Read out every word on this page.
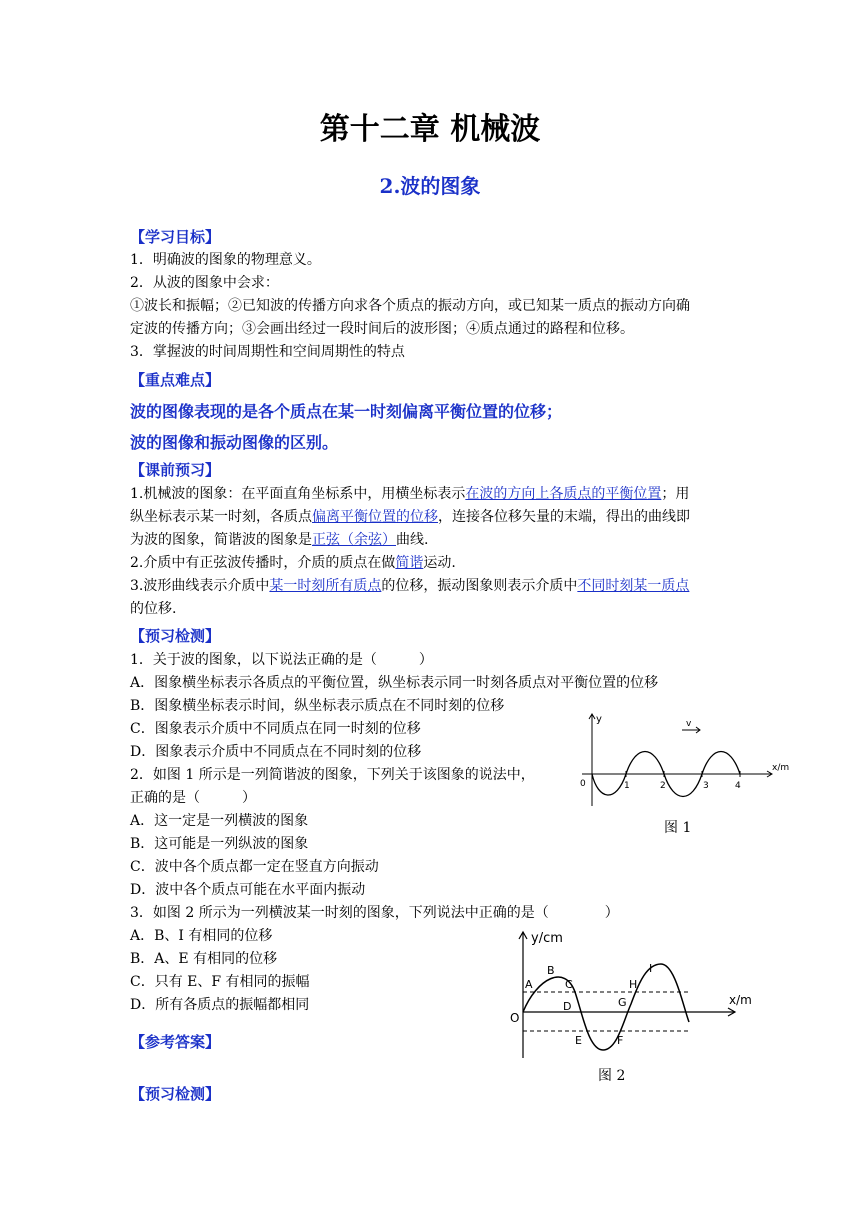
第十二章 机械波
2.波的图象
【学习目标】
1．明确波的图象的物理意义。
2．从波的图象中会求：
①波长和振幅；②已知波的传播方向求各个质点的振动方向，或已知某一质点的振动方向确
定波的传播方向；③会画出经过一段时间后的波形图；④质点通过的路程和位移。
3．掌握波的时间周期性和空间周期性的特点
【重点难点】
波的图像表现的是各个质点在某一时刻偏离平衡位置的位移；
波的图像和振动图像的区别。
【课前预习】
1.机械波的图象：在平面直角坐标系中，用横坐标表示在波的方向上各质点的平衡位置；用
纵坐标表示某一时刻，各质点偏离平衡位置的位移，连接各位移矢量的末端，得出的曲线即
为波的图象，简谐波的图象是正弦（余弦）曲线.
2.介质中有正弦波传播时，介质的质点在做简谐运动.
3.波形曲线表示介质中某一时刻所有质点的位移，振动图象则表示介质中不同时刻某一质点
的位移.
【预习检测】
1．关于波的图象，以下说法正确的是（　　　）
A．图象横坐标表示各质点的平衡位置，纵坐标表示同一时刻各质点对平衡位置的位移
B．图象横坐标表示时间，纵坐标表示质点在不同时刻的位移
C．图象表示介质中不同质点在同一时刻的位移
D．图象表示介质中不同质点在不同时刻的位移
2．如图 1 所示是一列简谐波的图象，下列关于该图象的说法中，
正确的是（　　　）
A．这一定是一列横波的图象
B．这可能是一列纵波的图象
C．波中各个质点都一定在竖直方向振动
D．波中各个质点可能在水平面内振动
3．如图 2 所示为一列横波某一时刻的图象，下列说法中正确的是（　　　　）
A．B、I 有相同的位移
B．A、E 有相同的位移
C．只有 E、F 有相同的振幅
D．所有各质点的振幅都相同
【参考答案】
【预习检测】
y
x/m
0
v
1	2	3	4
图 1
y/cm
x/m
O
A
B
C
D
E	F
G
H
I
图 2
